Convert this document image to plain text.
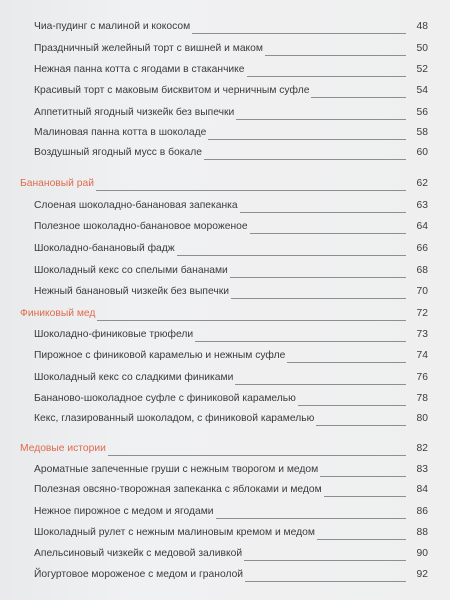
Чиа-пудинг с малиной и кокосом	48
Праздничный желейный торт с вишней и маком	50
Нежная панна котта с ягодами в стаканчике	52
Красивый торт с маковым бисквитом и черничным суфле	54
Аппетитный ягодный чизкейк без выпечки	56
Малиновая панна котта в шоколаде	58
Воздушный ягодный мусс в бокале	60
Банановый рай	62
Слоеная шоколадно-банановая запеканка	63
Полезное шоколадно-банановое мороженое	64
Шоколадно-банановый фадж	66
Шоколадный кекс со спелыми бананами	68
Нежный банановый чизкейк без выпечки	70
Финиковый мед	72
Шоколадно-финиковые трюфели	73
Пирожное с финиковой карамелью и нежным суфле	74
Шоколадный кекс со сладкими финиками	76
Бананово-шоколадное суфле с финиковой карамелью	78
Кекс, глазированный шоколадом, с финиковой карамелью	80
Медовые истории	82
Ароматные запеченные груши с нежным творогом и медом	83
Полезная овсяно-творожная запеканка с яблоками и медом	84
Нежное пирожное с медом и ягодами	86
Шоколадный рулет с нежным малиновым кремом и медом	88
Апельсиновый чизкейк с медовой заливкой	90
Йогуртовое мороженое с медом и гранолой	92
